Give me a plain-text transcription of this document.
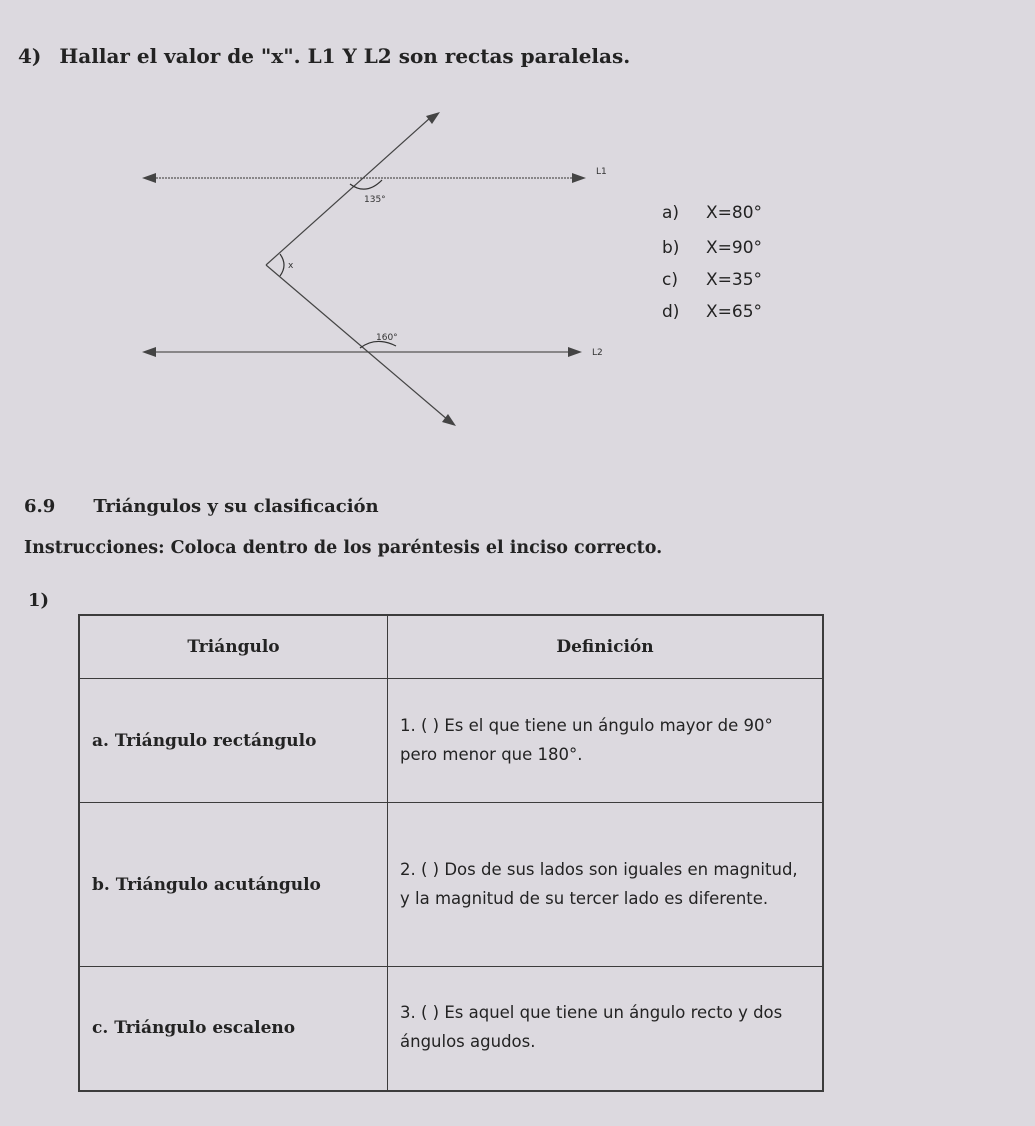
4) Hallar el valor de "x". L1 Y L2 son rectas paralelas.
L1
L2
135°
x
160°
a) X=80°
b) X=90°
c) X=35°
d) X=65°
6.9 Triángulos y su clasificación
Instrucciones: Coloca dentro de los paréntesis el inciso correcto.
1)
Triángulo	Definición
a. Triángulo rectángulo	1. ( ) Es el que tiene un ángulo mayor de 90° pero menor que 180°.
b. Triángulo acutángulo	2. ( ) Dos de sus lados son iguales en magnitud, y la magnitud de su tercer lado es diferente.
c. Triángulo escaleno	3. ( ) Es aquel que tiene un ángulo recto y dos ángulos agudos.
